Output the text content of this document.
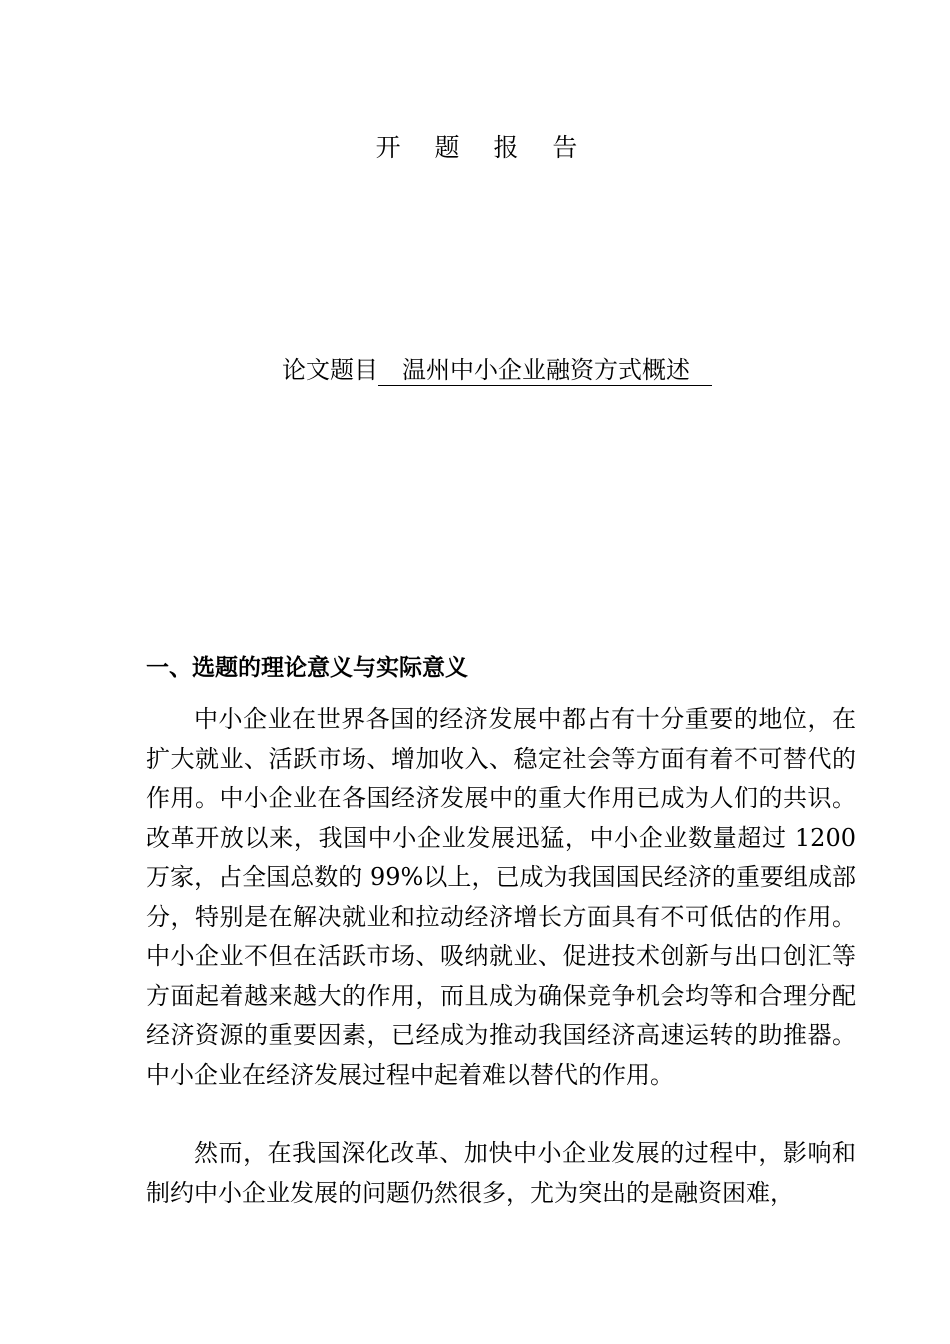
开 题 报 告
论文题目 温州中小企业融资方式概述
一、选题的理论意义与实际意义

中小企业在世界各国的经济发展中都占有十分重要的地位，在扩大就业、活跃市场、增加收入、稳定社会等方面有着不可替代的作用。中小企业在各国经济发展中的重大作用已成为人们的共识。改革开放以来，我国中小企业发展迅猛，中小企业数量超过 1200 万家，占全国总数的 99%以上，已成为我国国民经济的重要组成部分，特别是在解决就业和拉动经济增长方面具有不可低估的作用。中小企业不但在活跃市场、吸纳就业、促进技术创新与出口创汇等方面起着越来越大的作用，而且成为确保竞争机会均等和合理分配经济资源的重要因素，已经成为推动我国经济高速运转的助推器。中小企业在经济发展过程中起着难以替代的作用。

然而，在我国深化改革、加快中小企业发展的过程中，影响和制约中小企业发展的问题仍然很多，尤为突出的是融资困难，
